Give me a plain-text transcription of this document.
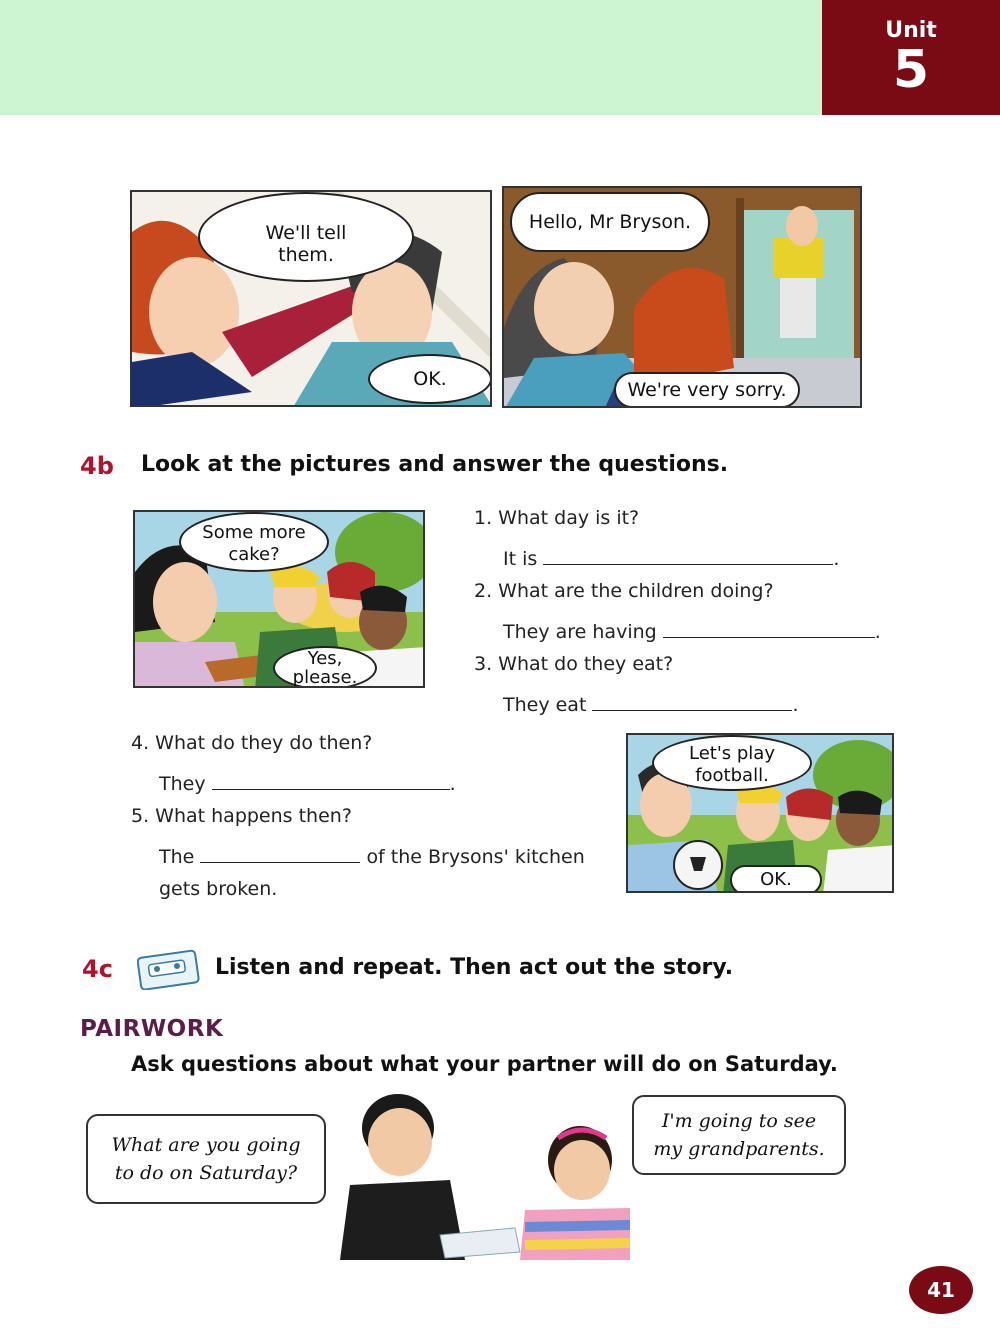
Unit
5
We'll tell them.
OK.
Hello, Mr Bryson.
We're very sorry.
4b Look at the pictures and answer the questions.
Some more cake?
Yes, please.
1. What day is it?
It is	.
2. What are the children doing?
They are having	.
3. What do they eat?
They eat	.
4. What do they do then?
They	.
5. What happens then?
The	of the Brysons' kitchen
gets broken.
Let's play football.
OK.
4c	Listen and repeat. Then act out the story.
PAIRWORK
Ask questions about what your partner will do on Saturday.
What are you going to do on Saturday?
I'm going to see my grandparents.
41
